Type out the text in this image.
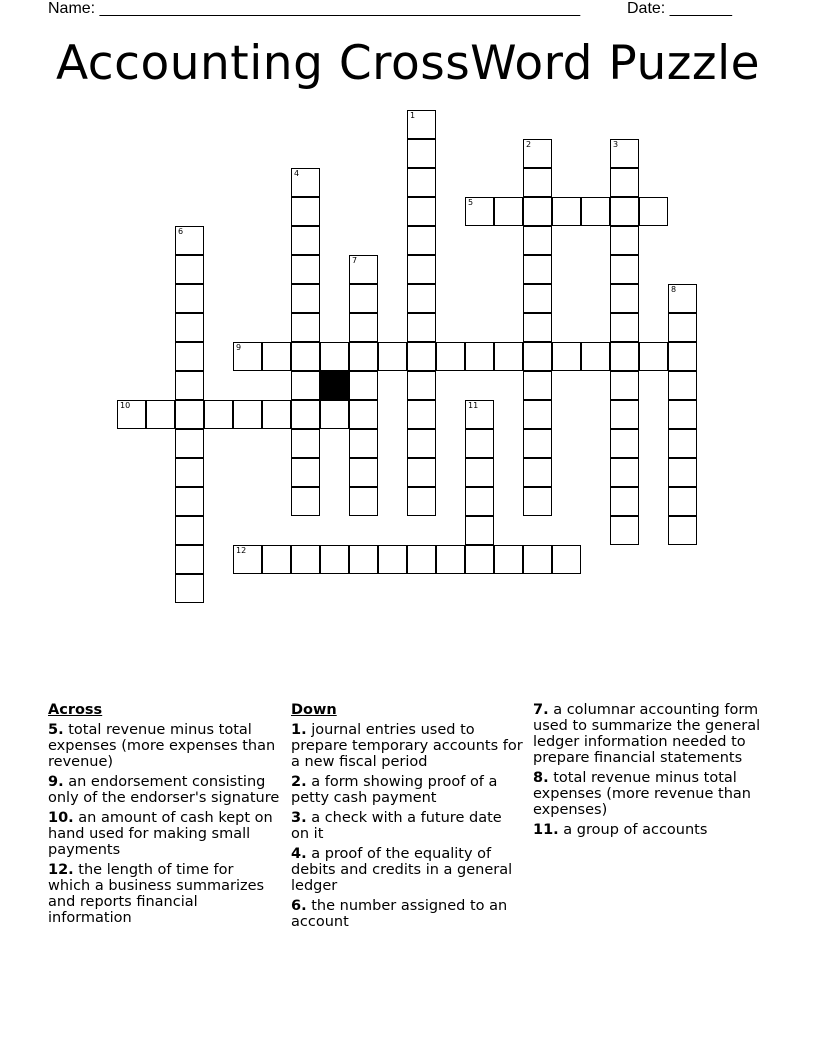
Name: ______________________________________________________	Date: _______
Accounting CrossWord Puzzle
1
2	3
4
5
6
7
8
9
10	11
12
Across
5. total revenue minus total expenses (more expenses than revenue)
9. an endorsement consisting only of the endorser's signature
10. an amount of cash kept on hand used for making small payments
12. the length of time for which a business summarizes and reports financial information
Down
1. journal entries used to prepare temporary accounts for a new fiscal period
2. a form showing proof of a petty cash payment
3. a check with a future date on it
4. a proof of the equality of debits and credits in a general ledger
6. the number assigned to an account
7. a columnar accounting form used to summarize the general ledger information needed to prepare financial statements
8. total revenue minus total expenses (more revenue than expenses)
11. a group of accounts
